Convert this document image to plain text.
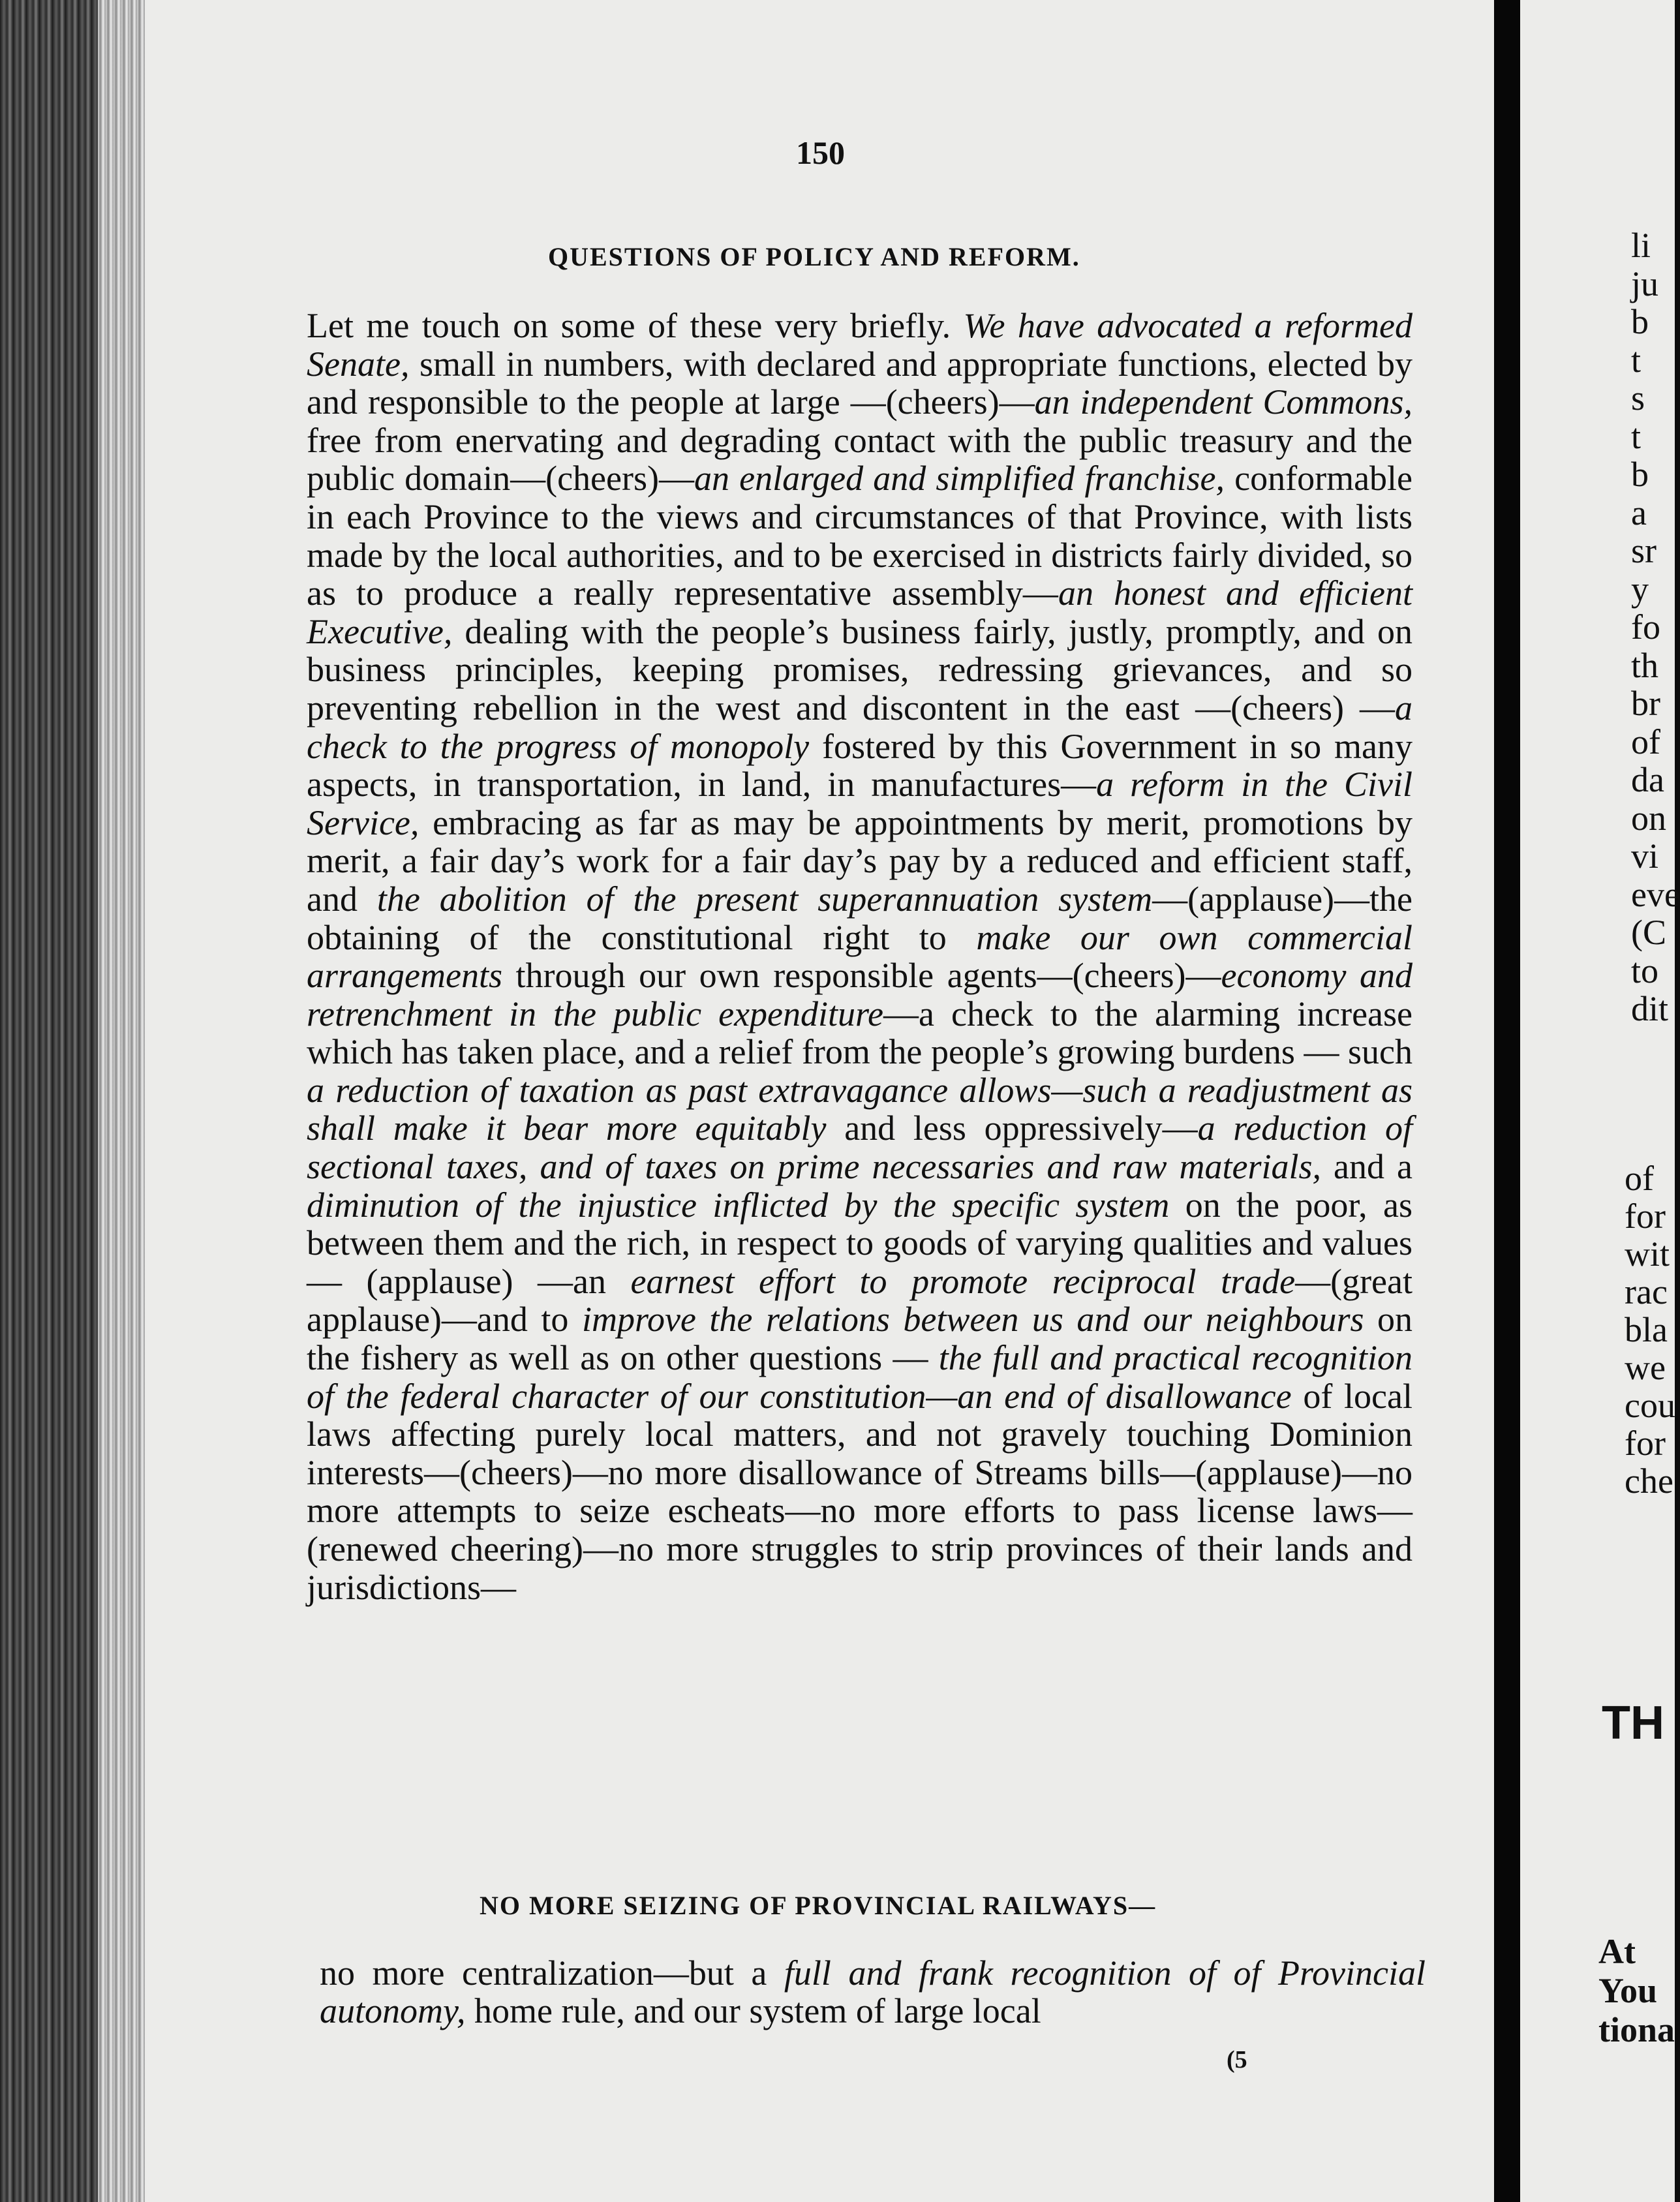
150
QUESTIONS OF POLICY AND REFORM.

Let me touch on some of these very briefly. We have advocated a reformed Senate, small in numbers, with declared and appropriate functions, elected by and responsible to the people at large —(cheers)—an independent Commons, free from enervating and degrading contact with the public treasury and the public domain—(cheers)—an enlarged and simplified franchise, conformable in each Province to the views and circumstances of that Province, with lists made by the local authorities, and to be exercised in districts fairly divided, so as to produce a really representative assembly—an honest and efficient Executive, dealing with the people’s business fairly, justly, promptly, and on business principles, keeping promises, redressing grievances, and so preventing rebellion in the west and discontent in the east —(cheers) —a check to the progress of monopoly fostered by this Government in so many aspects, in transportation, in land, in manufactures—a reform in the Civil Service, embracing as far as may be appointments by merit, promotions by merit, a fair day’s work for a fair day’s pay by a reduced and efficient staff, and the abolition of the present superannuation system—(applause)—the obtaining of the constitutional right to make our own commercial arrangements through our own responsible agents—(cheers)—economy and retrenchment in the public expenditure—a check to the alarming increase which has taken place, and a relief from the people’s growing burdens — such a reduction of taxation as past extravagance allows—such a readjustment as shall make it bear more equitably and less oppressively—a reduction of sectional taxes, and of taxes on prime necessaries and raw materials, and a diminution of the injustice inflicted by the specific system on the poor, as between them and the rich, in respect to goods of varying qualities and values— (applause) —an earnest effort to promote reciprocal trade—(great applause)—and to improve the relations between us and our neighbours on the fishery as well as on other questions — the full and practical recognition of the federal character of our constitution—an end of disallowance of local laws affecting purely local matters, and not gravely touching Dominion interests—(cheers)—no more disallowance of Streams bills—(applause)—no more attempts to seize escheats—no more efforts to pass license laws—(renewed cheering)—no more struggles to strip provinces of their lands and jurisdictions—

NO MORE SEIZING OF PROVINCIAL RAILWAYS—

no more centralization—but a full and frank recognition of of Provincial autonomy, home rule, and our system of large local

(5
li
ju
b
t
s
t
b
a
sr
y
fo
th
br
of
da
on
vi
eve
(C
to
dit
of
for
wit
rac
bla
we
cou
for
che
TH
At
You
tiona
